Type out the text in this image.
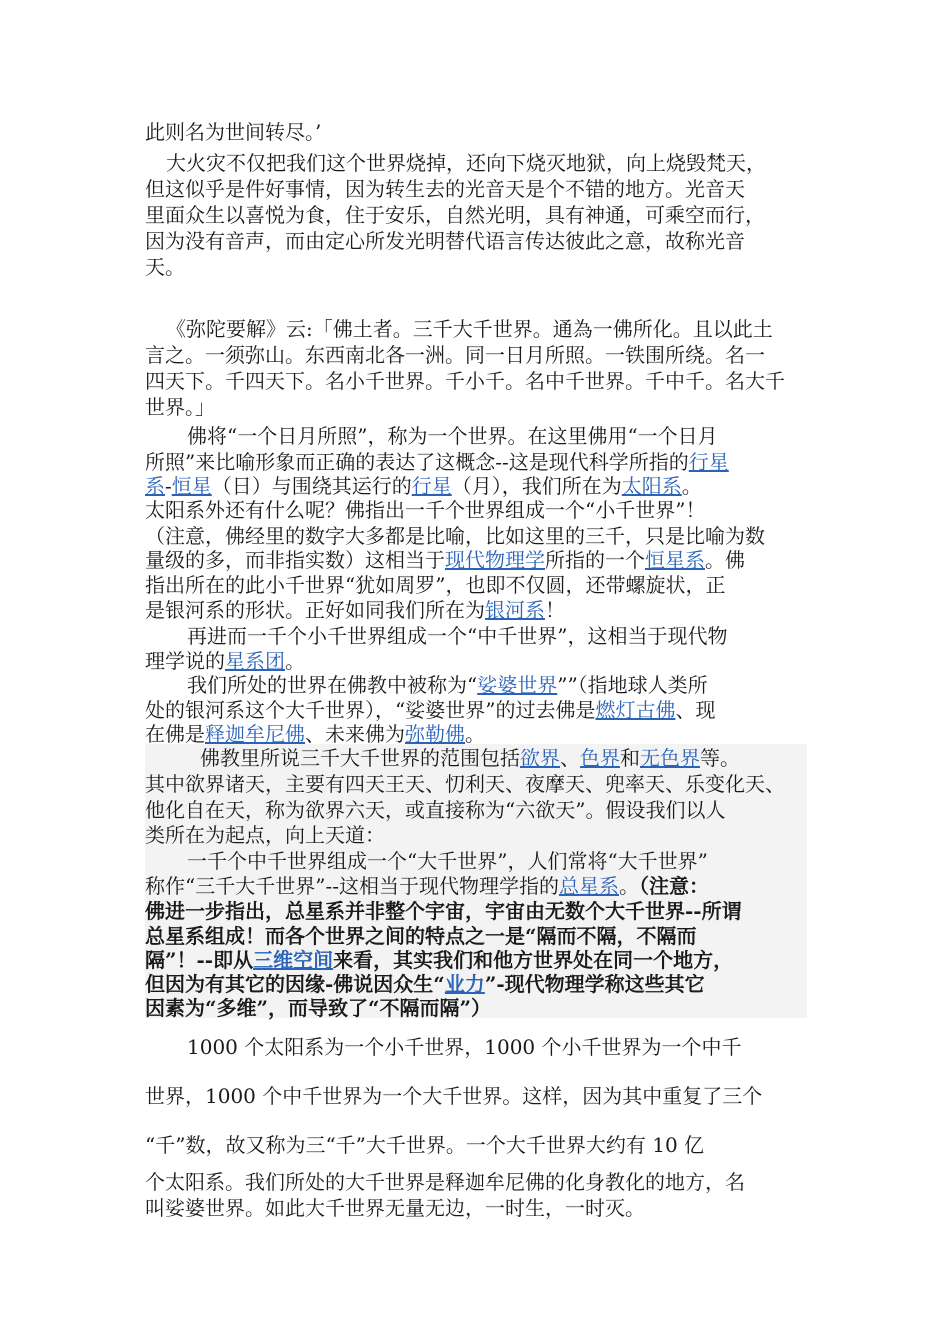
此则名为世间转尽。’
大火灾不仅把我们这个世界烧掉，还向下烧灭地狱，向上烧毁梵天，
但这似乎是件好事情，因为转生去的光音天是个不错的地方。光音天
里面众生以喜悦为食，住于安乐，自然光明，具有神通，可乘空而行，
因为没有音声，而由定心所发光明替代语言传达彼此之意，故称光音
天。
《弥陀要解》云:「佛土者。三千大千世界。通為一佛所化。且以此土
言之。一须弥山。东西南北各一洲。同一日月所照。一铁围所绕。名一
四天下。千四天下。名小千世界。千小千。名中千世界。千中千。名大千
世界。」
佛将“一个日月所照”，称为一个世界。在这里佛用“一个日月
所照”来比喻形象而正确的表达了这概念--这是现代科学所指的行星
系-恒星（日）与围绕其运行的行星（月），我们所在为太阳系。
太阳系外还有什么呢？佛指出一千个世界组成一个“小千世界”！
（注意，佛经里的数字大多都是比喻，比如这里的三千，只是比喻为数
量级的多，而非指实数）这相当于现代物理学所指的一个恒星系。佛
指出所在的此小千世界“犹如周罗”，也即不仅圆，还带螺旋状，正
是银河系的形状。正好如同我们所在为银河系！
再进而一千个小千世界组成一个“中千世界”，这相当于现代物
理学说的星系团。
我们所处的世界在佛教中被称为“娑婆世界””（指地球人类所
处的银河系这个大千世界），“娑婆世界”的过去佛是燃灯古佛、现
在佛是释迦牟尼佛、未来佛为弥勒佛。
佛教里所说三千大千世界的范围包括欲界、色界和无色界等。
其中欲界诸天，主要有四天王天、忉利天、夜摩天、兜率天、乐变化天、
他化自在天，称为欲界六天，或直接称为“六欲天”。假设我们以人
类所在为起点，向上天道：
一千个中千世界组成一个“大千世界”，人们常将“大千世界”
称作“三千大千世界”--这相当于现代物理学指的总星系。（注意：
佛进一步指出，总星系并非整个宇宙，宇宙由无数个大千世界--所谓
总星系组成！而各个世界之间的特点之一是“隔而不隔，不隔而
隔”！--即从三维空间来看，其实我们和他方世界处在同一个地方，
但因为有其它的因缘-佛说因众生“业力”-现代物理学称这些其它
因素为“多维”，而导致了“不隔而隔”）
1000 个太阳系为一个小千世界，1000 个小千世界为一个中千
世界，1000 个中千世界为一个大千世界。这样，因为其中重复了三个
“千”数，故又称为三“千”大千世界。一个大千世界大约有 10 亿
个太阳系。我们所处的大千世界是释迦牟尼佛的化身教化的地方，名
叫娑婆世界。如此大千世界无量无边，一时生，一时灭。
